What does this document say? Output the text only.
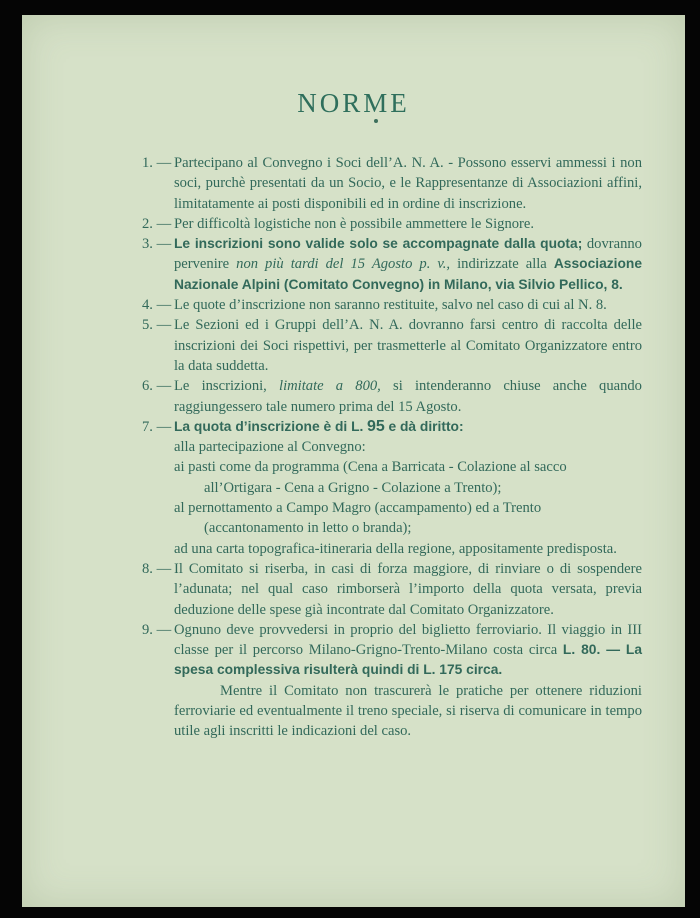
NORME
1. — Partecipano al Convegno i Soci dell’A. N. A. - Possono esservi ammessi i non soci, purchè presentati da un Socio, e le Rappresentanze di Associazioni affini, limitatamente ai posti disponibili ed in ordine di inscrizione.
2. — Per difficoltà logistiche non è possibile ammettere le Signore.
3. — Le inscrizioni sono valide solo se accompagnate dalla quota; dovranno pervenire non più tardi del 15 Agosto p. v., indirizzate alla Associazione Nazionale Alpini (Comitato Convegno) in Milano, via Silvio Pellico, 8.
4. — Le quote d’inscrizione non saranno restituite, salvo nel caso di cui al N. 8.
5. — Le Sezioni ed i Gruppi dell’A. N. A. dovranno farsi centro di raccolta delle inscrizioni dei Soci rispettivi, per trasmetterle al Comitato Organizzatore entro la data suddetta.
6. — Le inscrizioni, limitate a 800, si intenderanno chiuse anche quando raggiungessero tale numero prima del 15 Agosto.
7. — La quota d’inscrizione è di L. 95 e dà diritto:
alla partecipazione al Convegno:
ai pasti come da programma (Cena a Barricata - Colazione al sacco
all’Ortigara - Cena a Grigno - Colazione a Trento);
al pernottamento a Campo Magro (accampamento) ed a Trento
(accantonamento in letto o branda);
ad una carta topografica-itineraria della regione, appositamente predisposta.
8. — Il Comitato si riserba, in casi di forza maggiore, di rinviare o di sospendere l’adunata; nel qual caso rimborserà l’importo della quota versata, previa deduzione delle spese già incontrate dal Comitato Organizzatore.
9. — Ognuno deve provvedersi in proprio del biglietto ferroviario. Il viaggio in III classe per il percorso Milano-Grigno-Trento-Milano costa circa L. 80. — La spesa complessiva risulterà quindi di L. 175 circa.
Mentre il Comitato non trascurerà le pratiche per ottenere riduzioni ferroviarie ed eventualmente il treno speciale, si riserva di comunicare in tempo utile agli inscritti le indicazioni del caso.
